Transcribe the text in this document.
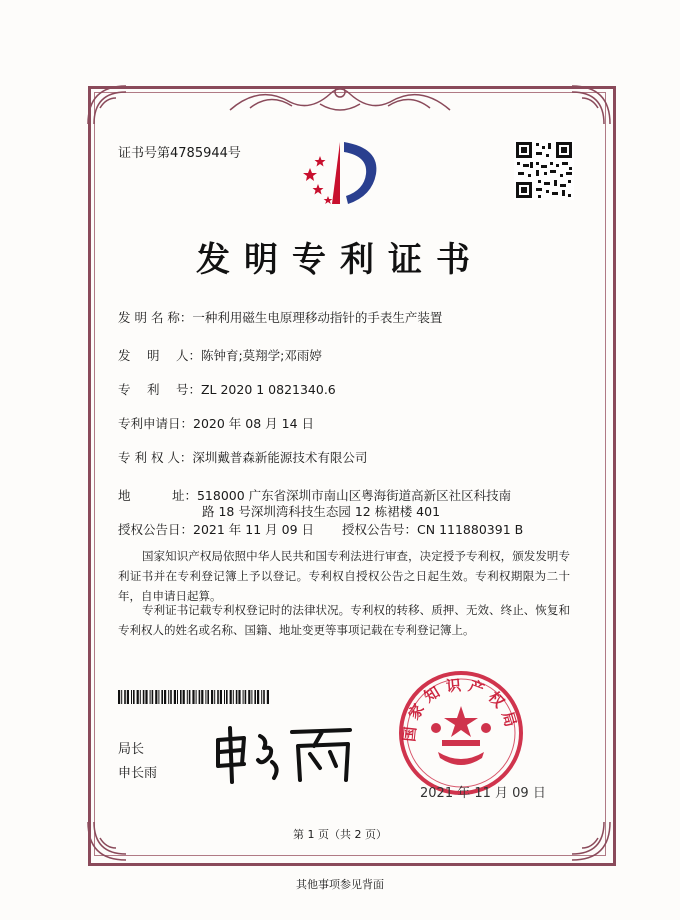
证书号第4785944号
发明专利证书
发 明 名 称：一种利用磁生电原理移动指针的手表生产装置
发　 明　 人：陈钟育;莫翔学;邓雨婷
专　 利　 号：ZL 2020 1 0821340.6
专利申请日：2020 年 08 月 14 日
专 利 权 人：深圳戴普森新能源技术有限公司
地　　　 址：518000 广东省深圳市南山区粤海街道高新区社区科技南
路 18 号深圳湾科技生态园 12 栋裙楼 401
授权公告日：2021 年 11 月 09 日 授权公告号：CN 111880391 B
国家知识产权局依照中华人民共和国专利法进行审查，决定授予专利权，颁发发明专利证书并在专利登记簿上予以登记。专利权自授权公告之日起生效。专利权期限为二十年，自申请日起算。
专利证书记载专利权登记时的法律状况。专利权的转移、质押、无效、终止、恢复和专利权人的姓名或名称、国籍、地址变更等事项记载在专利登记簿上。
局长
申长雨
国家知识产权局
2021 年 11 月 09 日
第 1 页（共 2 页）
其他事项参见背面
